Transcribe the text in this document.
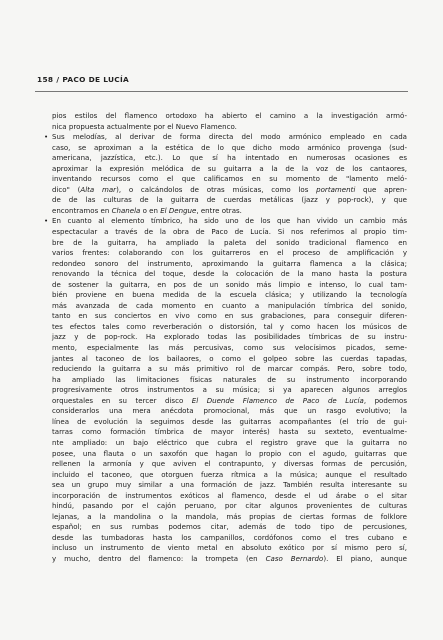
158 / PACO DE LUCÍA
pios estilos del flamenco ortodoxo ha abierto el camino a la investigación armó-
nica propuesta actualmente por el Nuevo Flamenco.
• Sus melodías, al derivar de forma directa del modo armónico empleado en cada
caso, se aproximan a la estética de lo que dicho modo armónico provenga (sud-
americana, jazzística, etc.). Lo que sí ha intentado en numerosas ocasiones es
aproximar la expresión melódica de su guitarra a la de la voz de los cantaores,
inventando recursos como el que calificamos en su momento de "lamento meló-
dico" (Alta mar), o calcándolos de otras músicas, como los portamenti que apren-
de de las culturas de la guitarra de cuerdas metálicas (jazz y pop-rock), y que
encontramos en Chanela o en El Dengue, entre otras.
• En cuanto al elemento tímbrico, ha sido uno de los que han vivido un cambio más
espectacular a través de la obra de Paco de Lucía. Si nos referimos al propio tim-
bre de la guitarra, ha ampliado la paleta del sonido tradicional flamenco en
varios frentes: colaborando con los guitarreros en el proceso de amplificación y
redondeo sonoro del instrumento, aproximando la guitarra flamenca a la clásica;
renovando la técnica del toque, desde la colocación de la mano hasta la postura
de sostener la guitarra, en pos de un sonido más limpio e intenso, lo cual tam-
bién proviene en buena medida de la escuela clásica; y utilizando la tecnología
más avanzada de cada momento en cuanto a manipulación tímbrica del sonido,
tanto en sus conciertos en vivo como en sus grabaciones, para conseguir diferen-
tes efectos tales como reverberación o distorsión, tal y como hacen los músicos de
jazz y de pop-rock. Ha explorado todas las posibilidades tímbricas de su instru-
mento, especialmente las más percusivas, como sus velocísimos picados, seme-
jantes al taconeo de los bailaores, o como el golpeo sobre las cuerdas tapadas,
reduciendo la guitarra a su más primitivo rol de marcar compás. Pero, sobre todo,
ha ampliado las limitaciones físicas naturales de su instrumento incorporando
progresivamente otros instrumentos a su música; si ya aparecen algunos arreglos
orquestales en su tercer disco El Duende Flamenco de Paco de Lucía, podemos
considerarlos una mera anécdota promocional, más que un rasgo evolutivo; la
línea de evolución la seguimos desde las guitarras acompañantes (el trío de gui-
tarras como formación tímbrica de mayor interés) hasta su sexteto, eventualme-
nte ampliado: un bajo eléctrico que cubra el registro grave que la guitarra no
posee, una flauta o un saxofón que hagan lo propio con el agudo, guitarras que
rellenen la armonía y que aviven el contrapunto, y diversas formas de percusión,
incluido el taconeo, que otorguen fuerza rítmica a la música; aunque el resultado
sea un grupo muy similar a una formación de jazz. También resulta interesante su
incorporación de instrumentos exóticos al flamenco, desde el ud árabe o el sitar
hindú, pasando por el cajón peruano, por citar algunos provenientes de culturas
lejanas, a la mandolina o la mandola, más propias de ciertas formas de folklore
español; en sus rumbas podemos citar, además de todo tipo de percusiones,
desde las tumbadoras hasta los campanillos, cordófonos como el tres cubano e
incluso un instrumento de viento metal en absoluto exótico por sí mismo pero sí,
y mucho, dentro del flamenco: la trompeta (en Caso Bernardo). El piano, aunque
